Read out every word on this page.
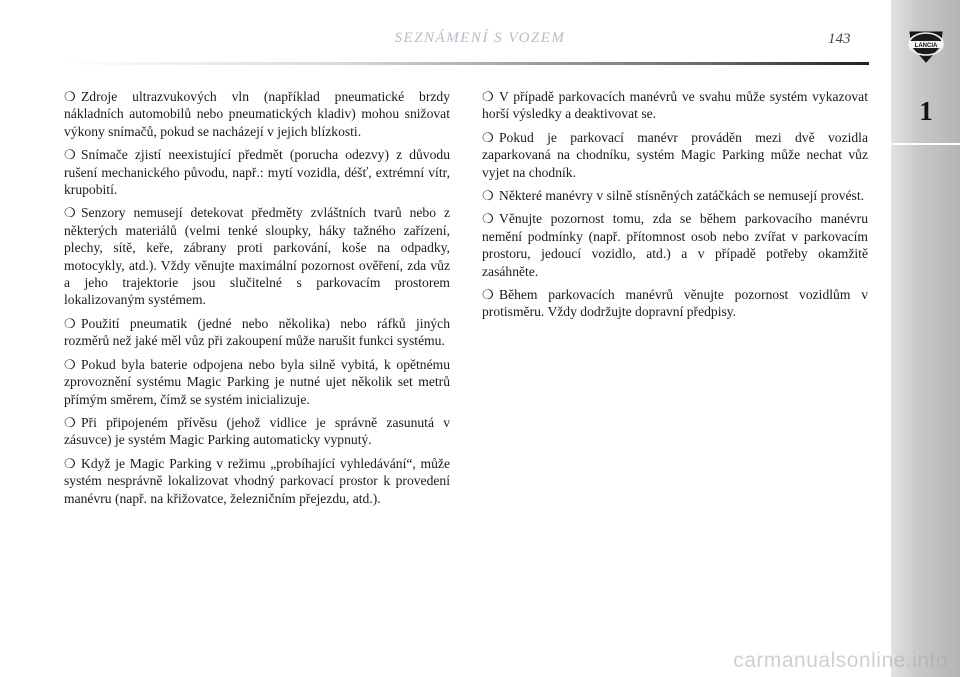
SEZNÁMENÍ S VOZEM	143	LANCIA
1

❍ Zdroje ultrazvukových vln (například pneumatické brzdy nákladních automobilů nebo pneumatických kladiv) mohou snižovat výkony snímačů, pokud se nacházejí v jejich blízkosti.

❍ Snímače zjistí neexistující předmět (porucha odezvy) z důvodu rušení mechanického původu, např.: mytí vozidla, déšť, extrémní vítr, krupobití.

❍ Senzory nemusejí detekovat předměty zvláštních tvarů nebo z některých materiálů (velmi tenké sloupky, háky tažného zařízení, plechy, sítě, keře, zábrany proti parkování, koše na odpadky, motocykly, atd.). Vždy věnujte maximální pozornost ověření, zda vůz a jeho trajektorie jsou slučitelné s parkovacím prostorem lokalizovaným systémem.

❍ Použití pneumatik (jedné nebo několika) nebo ráfků jiných rozměrů než jaké měl vůz při zakoupení může narušit funkci systému.

❍ Pokud byla baterie odpojena nebo byla silně vybitá, k opětnému zprovoznění systému Magic Parking je nutné ujet několik set metrů přímým směrem, čímž se systém inicializuje.

❍ Při připojeném přívěsu (jehož vidlice je správně zasunutá v zásuvce) je systém Magic Parking automaticky vypnutý.

❍ Když je Magic Parking v režimu „probíhající vyhledávání“, může systém nesprávně lokalizovat vhodný parkovací prostor k provedení manévru (např. na křižovatce, železničním přejezdu, atd.).

❍ V případě parkovacích manévrů ve svahu může systém vykazovat horší výsledky a deaktivovat se.

❍ Pokud je parkovací manévr prováděn mezi dvě vozidla zaparkovaná na chodníku, systém Magic Parking může nechat vůz vyjet na chodník.

❍ Některé manévry v silně stísněných zatáčkách se nemusejí provést.

❍ Věnujte pozornost tomu, zda se během parkovacího manévru nemění podmínky (např. přítomnost osob nebo zvířat v parkovacím prostoru, jedoucí vozidlo, atd.) a v případě potřeby okamžitě zasáhněte.

❍ Během parkovacích manévrů věnujte pozornost vozidlům v protisměru. Vždy dodržujte dopravní předpisy.

carmanualsonline.info
